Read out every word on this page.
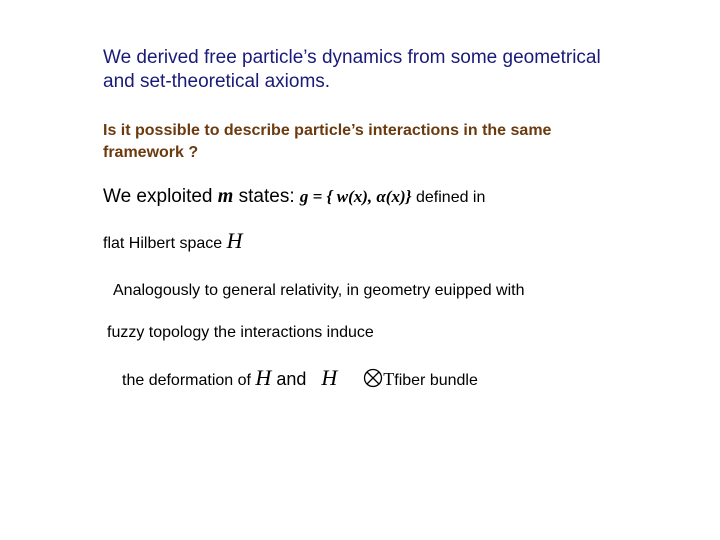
We derived free particle’s dynamics from some geometrical
and set-theoretical axioms.
Is it possible to describe particle’s interactions in the same
framework ?
We exploited m states: g = { w(x), α(x)} defined in
flat Hilbert space H
Analogously to general relativity, in geometry euipped with
fuzzy topology the interactions induce
the deformation of H and H	Tfiber bundle
